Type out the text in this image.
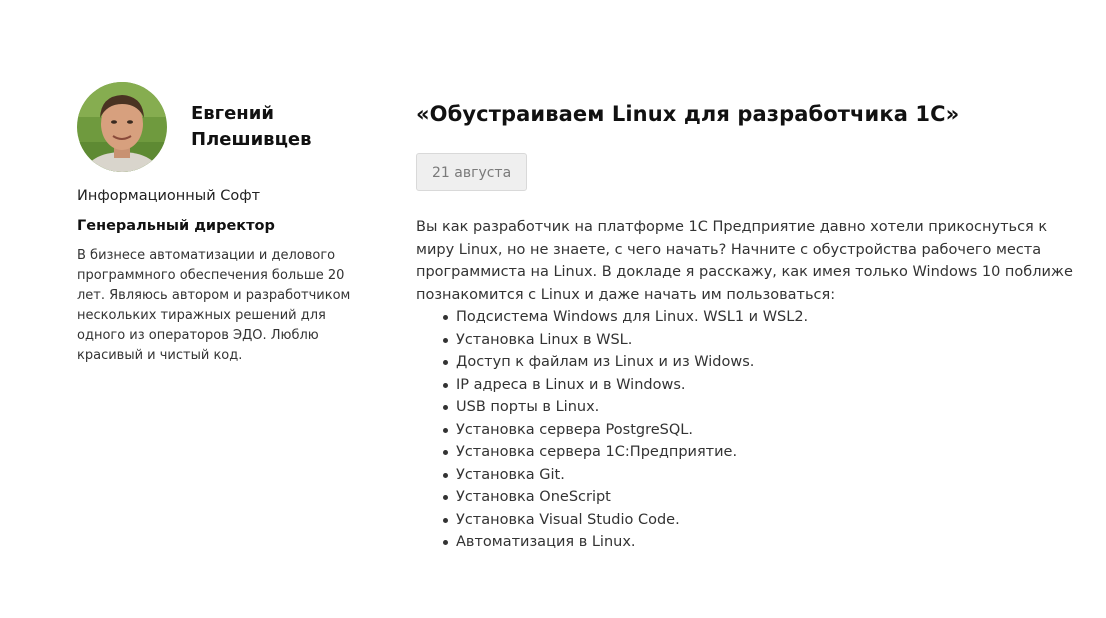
Евгений
Плешивцев
Информационный Софт
Генеральный директор
В бизнесе автоматизации и делового программного обеспечения больше 20 лет. Являюсь автором и разработчиком нескольких тиражных решений для одного из операторов ЭДО. Люблю красивый и чистый код.
«Обустраиваем Linux для разработчика 1С»
21 августа
Вы как разработчик на платформе 1С Предприятие давно хотели прикоснуться к миру Linux, но не знаете, с чего начать? Начните с обустройства рабочего места программиста на Linux. В докладе я расскажу, как имея только Windows 10 поближе познакомится с Linux и даже начать им пользоваться:
Подсистема Windows для Linux. WSL1 и WSL2.
Установка Linux в WSL.
Доступ к файлам из Linux и из Widows.
IP адреса в Linux и в Windows.
USB порты в Linux.
Установка сервера PostgreSQL.
Установка сервера 1С:Предприятие.
Установка Git.
Установка OneScript
Установка Visual Studio Code.
Автоматизация в Linux.
